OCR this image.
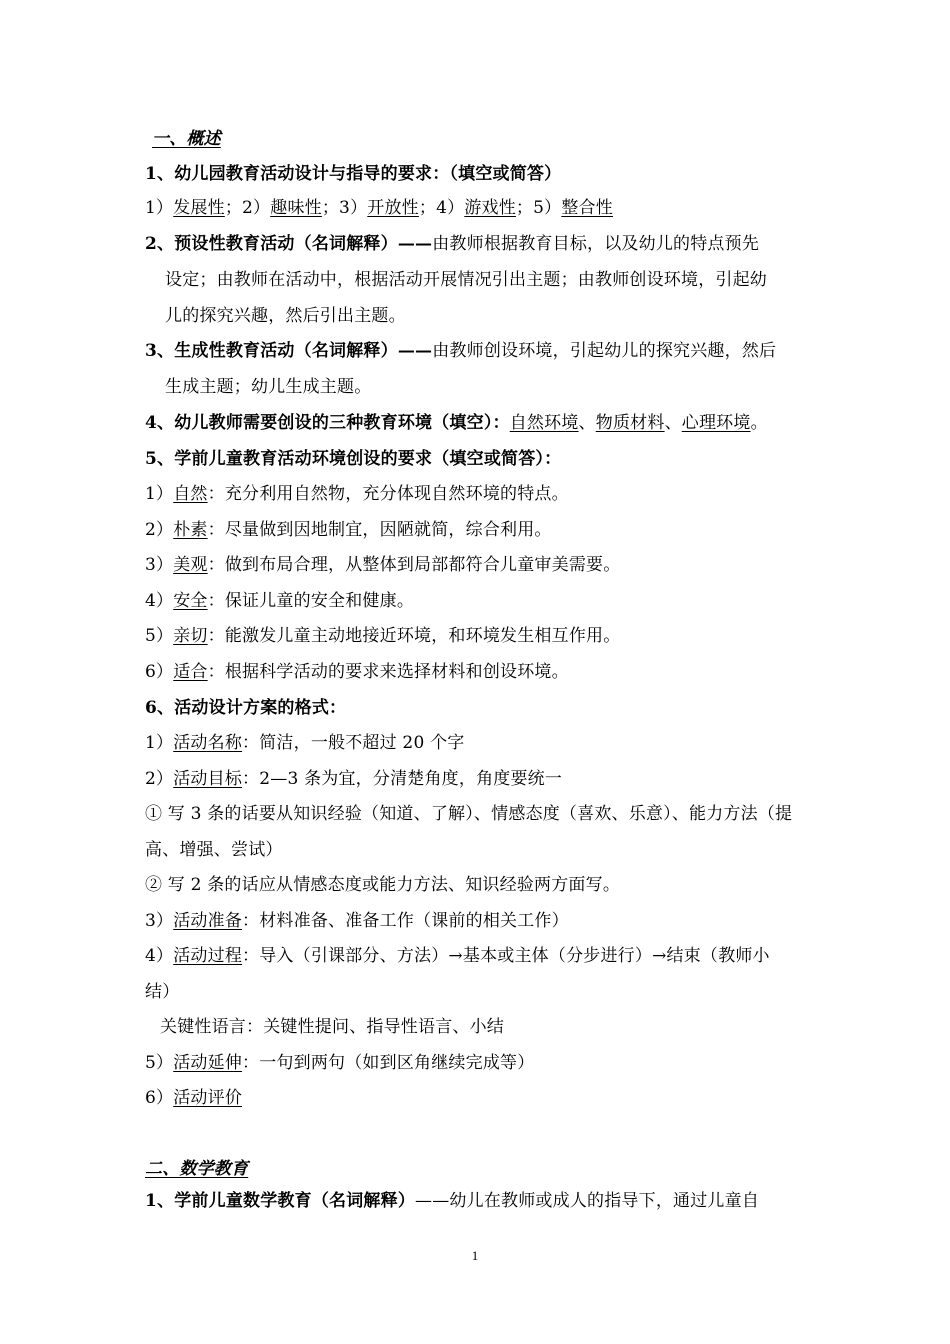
一、概述
1、幼儿园教育活动设计与指导的要求：（填空或简答）
1）发展性；2）趣味性；3）开放性；4）游戏性；5）整合性
2、预设性教育活动（名词解释）——由教师根据教育目标，以及幼儿的特点预先
设定；由教师在活动中，根据活动开展情况引出主题；由教师创设环境，引起幼
儿的探究兴趣，然后引出主题。
3、生成性教育活动（名词解释）——由教师创设环境，引起幼儿的探究兴趣，然后
生成主题；幼儿生成主题。
4、幼儿教师需要创设的三种教育环境（填空）：自然环境、物质材料、心理环境。
5、学前儿童教育活动环境创设的要求（填空或简答）：
1）自然：充分利用自然物，充分体现自然环境的特点。
2）朴素：尽量做到因地制宜，因陋就简，综合利用。
3）美观：做到布局合理，从整体到局部都符合儿童审美需要。
4）安全：保证儿童的安全和健康。
5）亲切：能激发儿童主动地接近环境，和环境发生相互作用。
6）适合：根据科学活动的要求来选择材料和创设环境。
6、活动设计方案的格式：
1）活动名称：简洁，一般不超过 20 个字
2）活动目标：2—3 条为宜，分清楚角度，角度要统一
① 写 3 条的话要从知识经验（知道、了解）、情感态度（喜欢、乐意）、能力方法（提
高、增强、尝试）
② 写 2 条的话应从情感态度或能力方法、知识经验两方面写。
3）活动准备：材料准备、准备工作（课前的相关工作）
4）活动过程：导入（引课部分、方法）→基本或主体（分步进行）→结束（教师小
结）
关键性语言：关键性提问、指导性语言、小结
5）活动延伸：一句到两句（如到区角继续完成等）
6）活动评价
二、数学教育
1、学前儿童数学教育（名词解释）——幼儿在教师或成人的指导下，通过儿童自
1
